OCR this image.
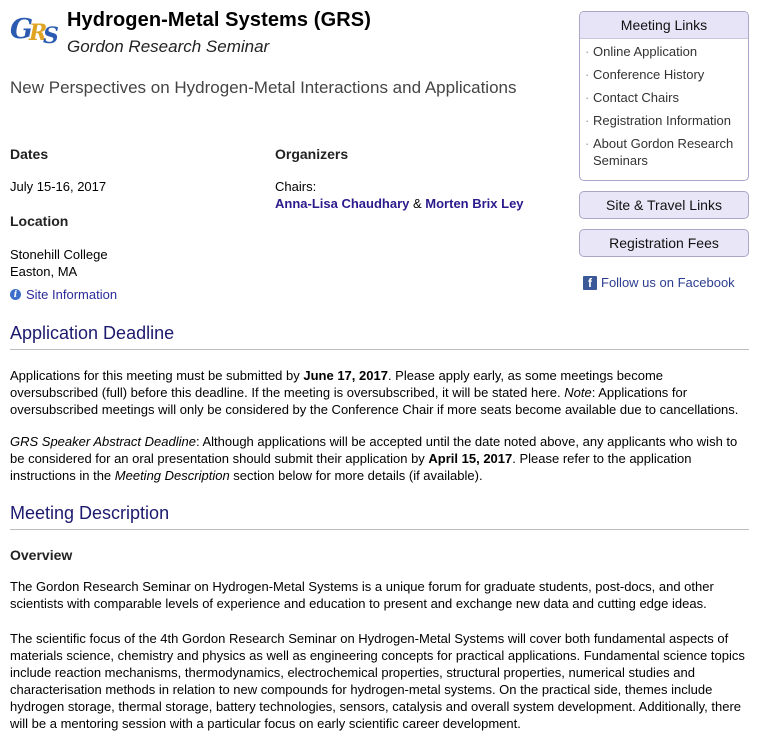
G
R
S
Hydrogen-Metal Systems (GRS)
Gordon Research Seminar
New Perspectives on Hydrogen-Metal Interactions and Applications
Dates
July 15-16, 2017
Location
Stonehill College
Easton, MA
i Site Information
Organizers
Chairs:
Anna-Lisa Chaudhary & Morten Brix Ley
Meeting Links
· Online Application
· Conference History
· Contact Chairs
· Registration Information
· About Gordon Research Seminars
Site & Travel Links
Registration Fees
f Follow us on Facebook
Application Deadline
Applications for this meeting must be submitted by June 17, 2017. Please apply early, as some meetings become oversubscribed (full) before this deadline. If the meeting is oversubscribed, it will be stated here. Note: Applications for oversubscribed meetings will only be considered by the Conference Chair if more seats become available due to cancellations.
GRS Speaker Abstract Deadline: Although applications will be accepted until the date noted above, any applicants who wish to be considered for an oral presentation should submit their application by April 15, 2017. Please refer to the application instructions in the Meeting Description section below for more details (if available).
Meeting Description
Overview
The Gordon Research Seminar on Hydrogen-Metal Systems is a unique forum for graduate students, post-docs, and other scientists with comparable levels of experience and education to present and exchange new data and cutting edge ideas.
The scientific focus of the 4th Gordon Research Seminar on Hydrogen-Metal Systems will cover both fundamental aspects of materials science, chemistry and physics as well as engineering concepts for practical applications. Fundamental science topics include reaction mechanisms, thermodynamics, electrochemical properties, structural properties, numerical studies and characterisation methods in relation to new compounds for hydrogen-metal systems. On the practical side, themes include hydrogen storage, thermal storage, battery technologies, sensors, catalysis and overall system development. Additionally, there will be a mentoring session with a particular focus on early scientific career development.
